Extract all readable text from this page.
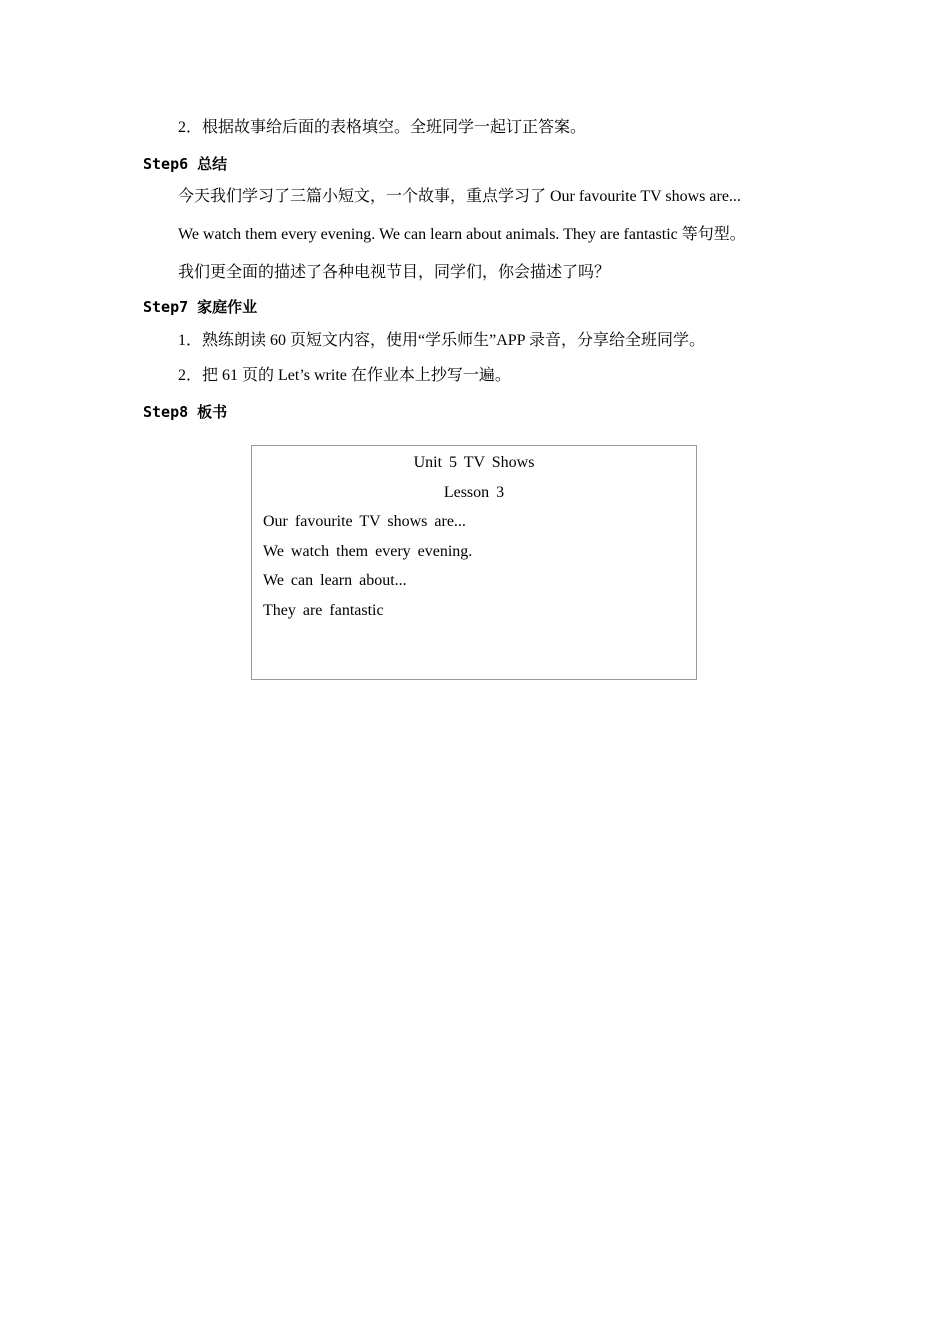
2．根据故事给后面的表格填空。全班同学一起订正答案。
Step6 总结
今天我们学习了三篇小短文，一个故事，重点学习了 Our favourite TV shows are...
We watch them every evening. We can learn about animals. They are fantastic 等句型。
我们更全面的描述了各种电视节目，同学们，你会描述了吗？
Step7 家庭作业
1．熟练朗读 60 页短文内容，使用“学乐师生”APP 录音，分享给全班同学。
2．把 61 页的 Let’s write 在作业本上抄写一遍。
Step8 板书
Unit 5 TV Shows
Lesson 3
Our favourite TV shows are...
We watch them every evening.
We can learn about...
They are fantastic
